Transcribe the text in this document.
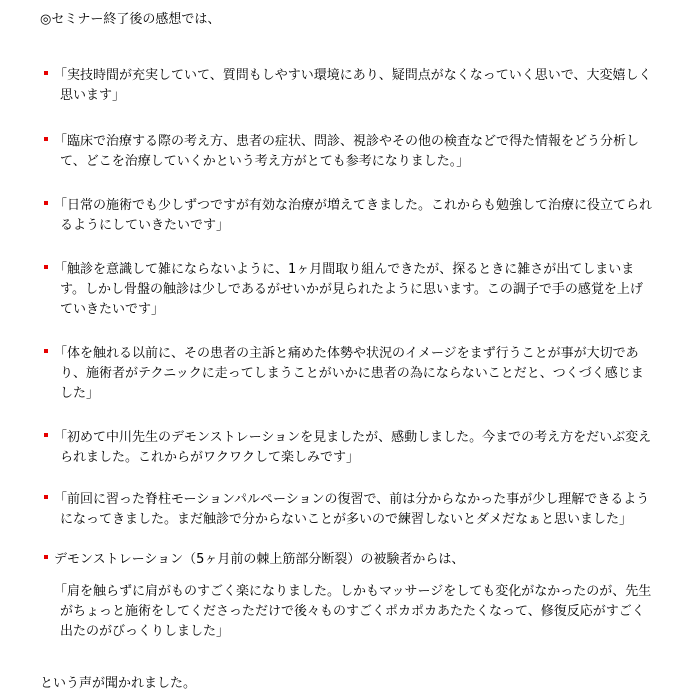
◎セミナー終了後の感想では、
「実技時間が充実していて、質問もしやすい環境にあり、疑問点がなくなっていく思いで、大変嬉しく思います」
「臨床で治療する際の考え方、患者の症状、問診、視診やその他の検査などで得た情報をどう分析して、どこを治療していくかという考え方がとても参考になりました。」
「日常の施術でも少しずつですが有効な治療が増えてきました。これからも勉強して治療に役立てられるようにしていきたいです」
「触診を意識して雑にならないように、1ヶ月間取り組んできたが、探るときに雑さが出てしまいます。しかし骨盤の触診は少しであるがせいかが見られたように思います。この調子で手の感覚を上げていきたいです」
「体を触れる以前に、その患者の主訴と痛めた体勢や状況のイメージをまず行うことが事が大切であり、施術者がテクニックに走ってしまうことがいかに患者の為にならないことだと、つくづく感じました」
「初めて中川先生のデモンストレーションを見ましたが、感動しました。今までの考え方をだいぶ変えられました。これからがワクワクして楽しみです」
「前回に習った脊柱モーションパルペーションの復習で、前は分からなかった事が少し理解できるようになってきました。まだ触診で分からないことが多いので練習しないとダメだなぁと思いました」
デモンストレーション（5ヶ月前の棘上筋部分断裂）の被験者からは、
「肩を触らずに肩がものすごく楽になりました。しかもマッサージをしても変化がなかったのが、先生がちょっと施術をしてくださっただけで後々ものすごくポカポカあたたくなって、修復反応がすごく出たのがびっくりしました」
という声が聞かれました。
